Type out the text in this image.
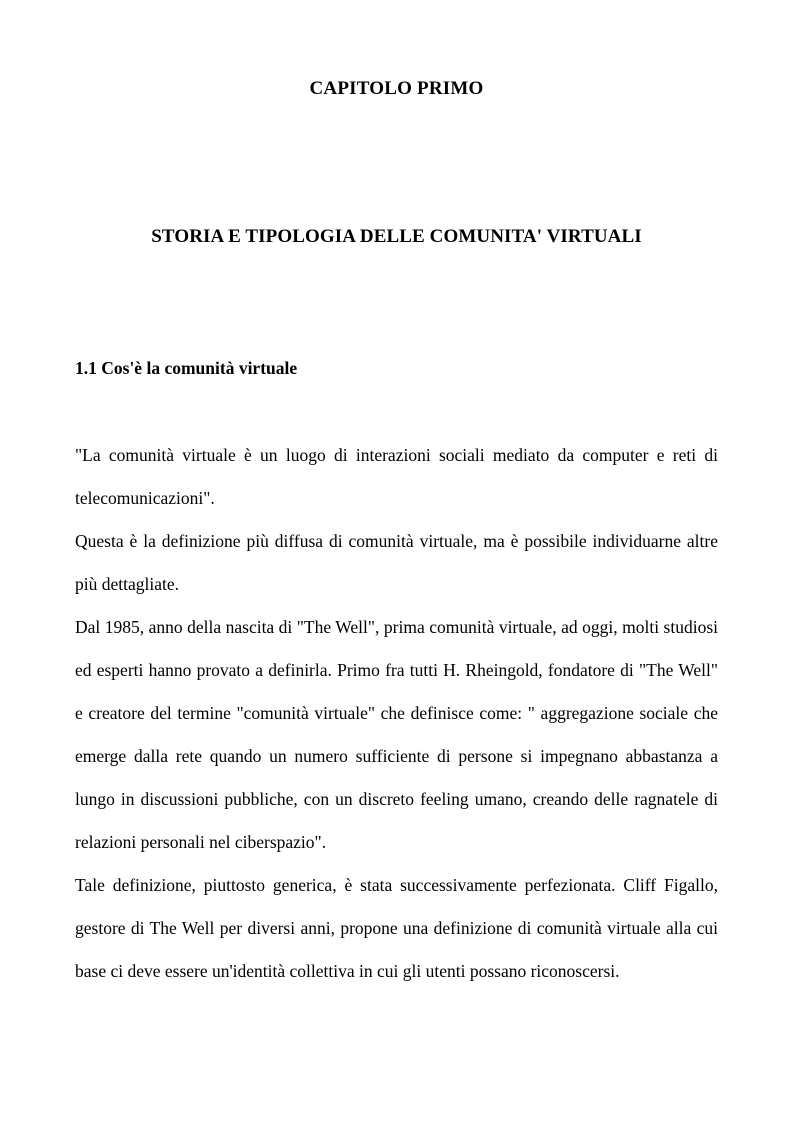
CAPITOLO PRIMO
STORIA E TIPOLOGIA DELLE COMUNITA' VIRTUALI
1.1 Cos'è la comunità virtuale

"La comunità virtuale è un luogo di interazioni sociali mediato da computer e reti di telecomunicazioni".

Questa è la definizione più diffusa di comunità virtuale, ma è possibile individuarne altre più dettagliate.

Dal 1985, anno della nascita di "The Well", prima comunità virtuale, ad oggi, molti studiosi ed esperti hanno provato a definirla. Primo fra tutti H. Rheingold, fondatore di "The Well" e creatore del termine "comunità virtuale" che definisce come: " aggregazione sociale che emerge dalla rete quando un numero sufficiente di persone si impegnano abbastanza a lungo in discussioni pubbliche, con un discreto feeling umano, creando delle ragnatele di relazioni personali nel ciberspazio".

Tale definizione, piuttosto generica, è stata successivamente perfezionata. Cliff Figallo, gestore di The Well per diversi anni, propone una definizione di comunità virtuale alla cui base ci deve essere un'identità collettiva in cui gli utenti possano riconoscersi.
